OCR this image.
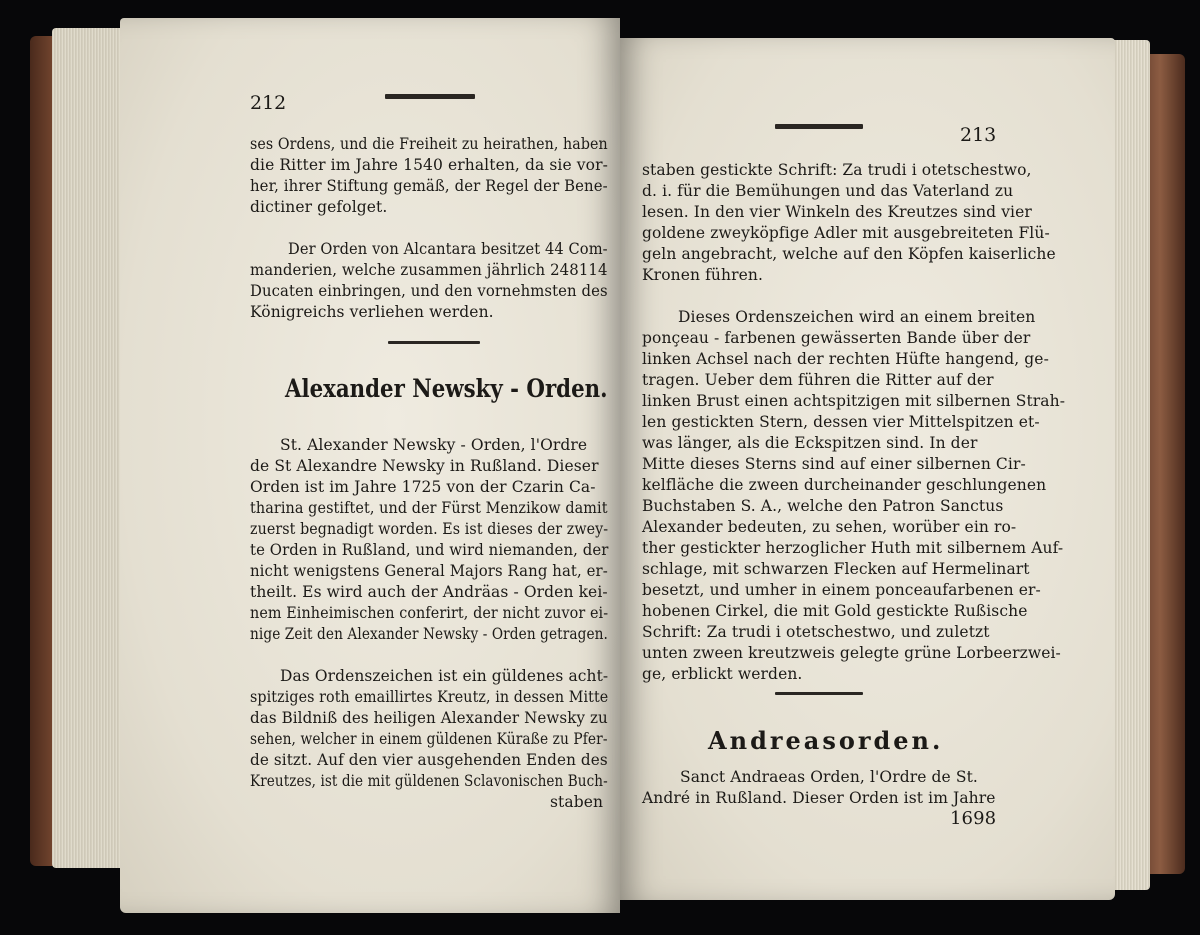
212
ses Ordens, und die Freiheit zu heirathen, haben
die Ritter im Jahre 1540 erhalten, da sie vor-
her, ihrer Stiftung gemäß, der Regel der Bene-
dictiner gefolget.
Der Orden von Alcantara besitzet 44 Com-
manderien, welche zusammen jährlich 248114
Ducaten einbringen, und den vornehmsten des
Königreichs verliehen werden.
Alexander Newsky - Orden.
St. Alexander Newsky - Orden, l'Ordre
de St Alexandre Newsky in Rußland. Dieser
Orden ist im Jahre 1725 von der Czarin Ca-
tharina gestiftet, und der Fürst Menzikow damit
zuerst begnadigt worden. Es ist dieses der zwey-
te Orden in Rußland, und wird niemanden, der
nicht wenigstens General Majors Rang hat, er-
theilt. Es wird auch der Andräas - Orden kei-
nem Einheimischen conferirt, der nicht zuvor ei-
nige Zeit den Alexander Newsky - Orden getragen.
Das Ordenszeichen ist ein güldenes acht-
spitziges roth emaillirtes Kreutz, in dessen Mitte
das Bildniß des heiligen Alexander Newsky zu
sehen, welcher in einem güldenen Küraße zu Pfer-
de sitzt. Auf den vier ausgehenden Enden des
Kreutzes, ist die mit güldenen Sclavonischen Buch-
staben
213
staben gestickte Schrift: Za trudi i otetschestwo,
d. i. für die Bemühungen und das Vaterland zu
lesen. In den vier Winkeln des Kreutzes sind vier
goldene zweyköpfige Adler mit ausgebreiteten Flü-
geln angebracht, welche auf den Köpfen kaiserliche
Kronen führen.
Dieses Ordenszeichen wird an einem breiten
ponçeau - farbenen gewässerten Bande über der
linken Achsel nach der rechten Hüfte hangend, ge-
tragen. Ueber dem führen die Ritter auf der
linken Brust einen achtspitzigen mit silbernen Strah-
len gestickten Stern, dessen vier Mittelspitzen et-
was länger, als die Eckspitzen sind. In der
Mitte dieses Sterns sind auf einer silbernen Cir-
kelfläche die zween durcheinander geschlungenen
Buchstaben S. A., welche den Patron Sanctus
Alexander bedeuten, zu sehen, worüber ein ro-
ther gestickter herzoglicher Huth mit silbernem Auf-
schlage, mit schwarzen Flecken auf Hermelinart
besetzt, und umher in einem ponceaufarbenen er-
hobenen Cirkel, die mit Gold gestickte Rußische
Schrift: Za trudi i otetschestwo, und zuletzt
unten zween kreutzweis gelegte grüne Lorbeerzwei-
ge, erblickt werden.
Andreasorden.
Sanct Andraeas Orden, l'Ordre de St.
André in Rußland. Dieser Orden ist im Jahre
1698
